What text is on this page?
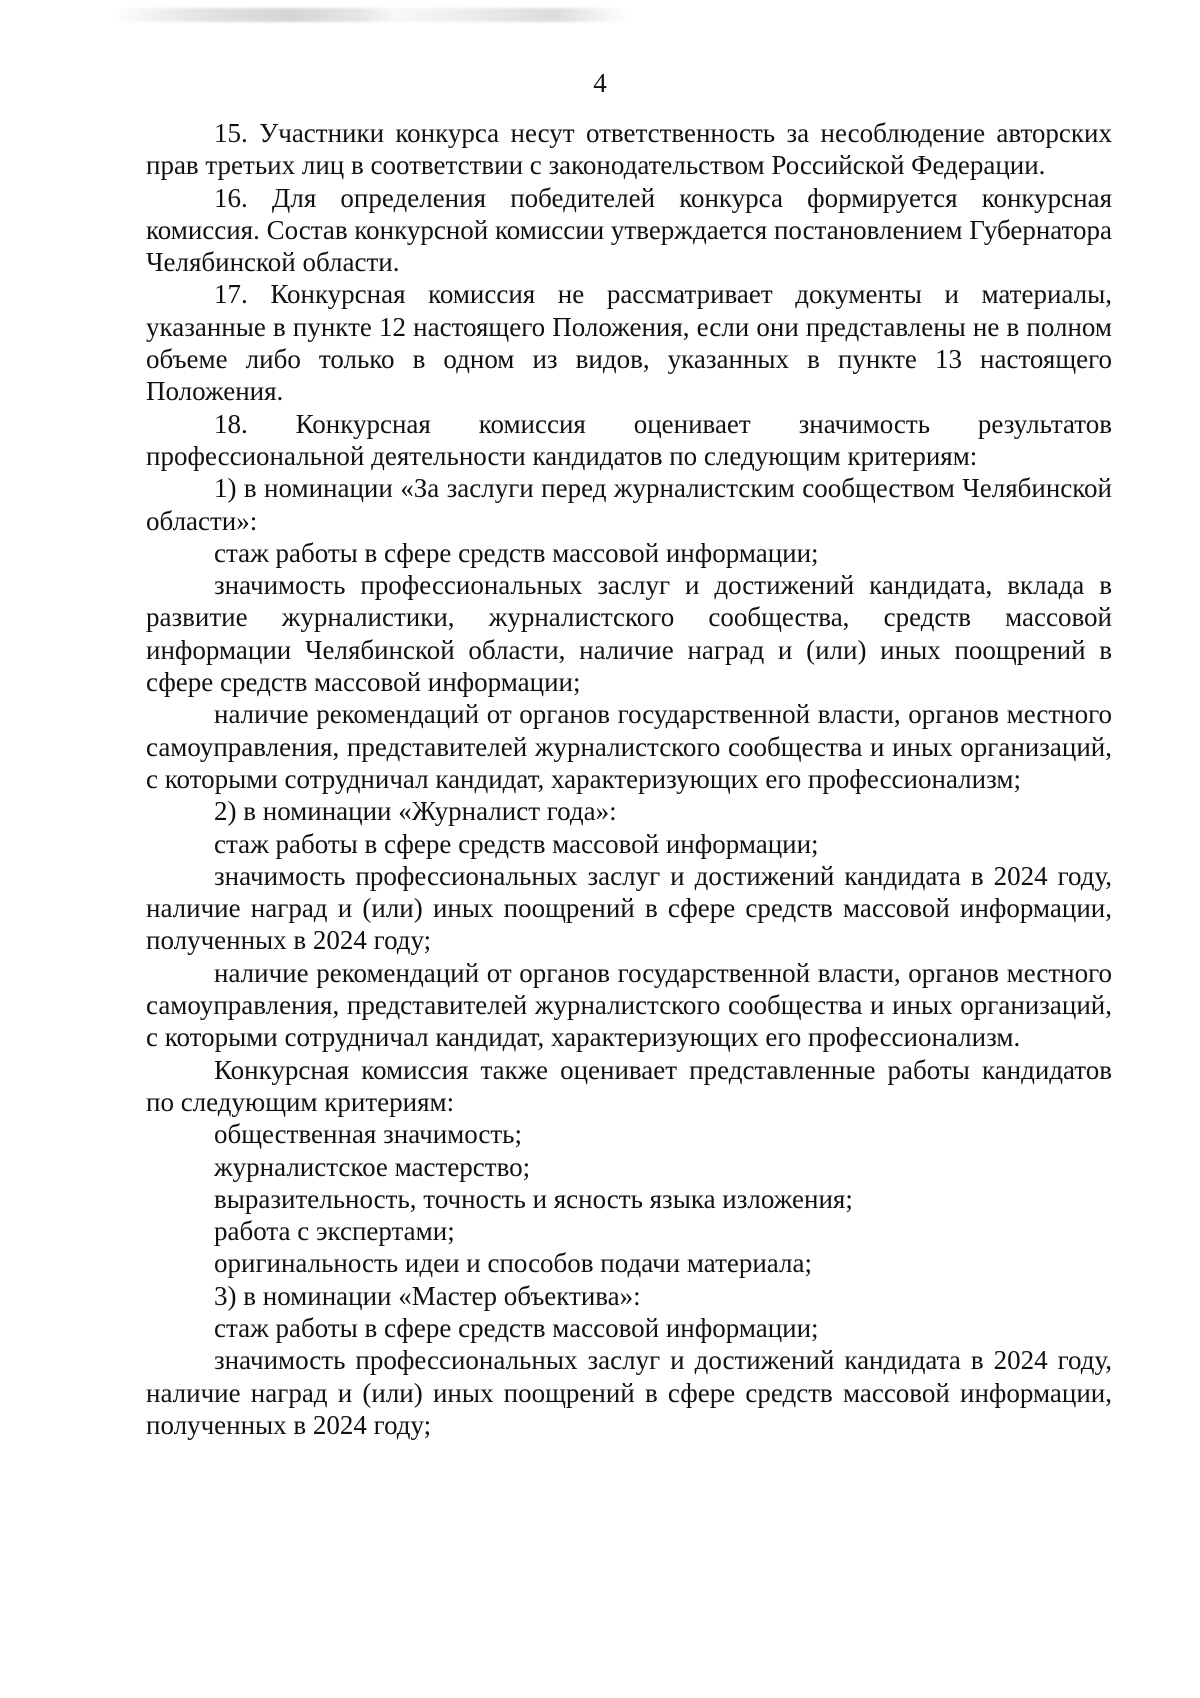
4

15. Участники конкурса несут ответственность за несоблюдение авторских прав третьих лиц в соответствии с законодательством Российской Федерации.

16. Для определения победителей конкурса формируется конкурсная комиссия. Состав конкурсной комиссии утверждается постановлением Губернатора Челябинской области.

17. Конкурсная комиссия не рассматривает документы и материалы, указанные в пункте 12 настоящего Положения, если они представлены не в полном объеме либо только в одном из видов, указанных в пункте 13 настоящего Положения.

18. Конкурсная комиссия оценивает значимость результатов профессиональной деятельности кандидатов по следующим критериям:

1) в номинации «За заслуги перед журналистским сообществом Челябинской области»:

стаж работы в сфере средств массовой информации;

значимость профессиональных заслуг и достижений кандидата, вклада в развитие журналистики, журналистского сообщества, средств массовой информации Челябинской области, наличие наград и (или) иных поощрений в сфере средств массовой информации;

наличие рекомендаций от органов государственной власти, органов местного самоуправления, представителей журналистского сообщества и иных организаций, с которыми сотрудничал кандидат, характеризующих его профессионализм;

2) в номинации «Журналист года»:

стаж работы в сфере средств массовой информации;

значимость профессиональных заслуг и достижений кандидата в 2024 году, наличие наград и (или) иных поощрений в сфере средств массовой информации, полученных в 2024 году;

наличие рекомендаций от органов государственной власти, органов местного самоуправления, представителей журналистского сообщества и иных организаций, с которыми сотрудничал кандидат, характеризующих его профессионализм.

Конкурсная комиссия также оценивает представленные работы кандидатов по следующим критериям:

общественная значимость;

журналистское мастерство;

выразительность, точность и ясность языка изложения;

работа с экспертами;

оригинальность идеи и способов подачи материала;

3) в номинации «Мастер объектива»:

стаж работы в сфере средств массовой информации;

значимость профессиональных заслуг и достижений кандидата в 2024 году, наличие наград и (или) иных поощрений в сфере средств массовой информации, полученных в 2024 году;
